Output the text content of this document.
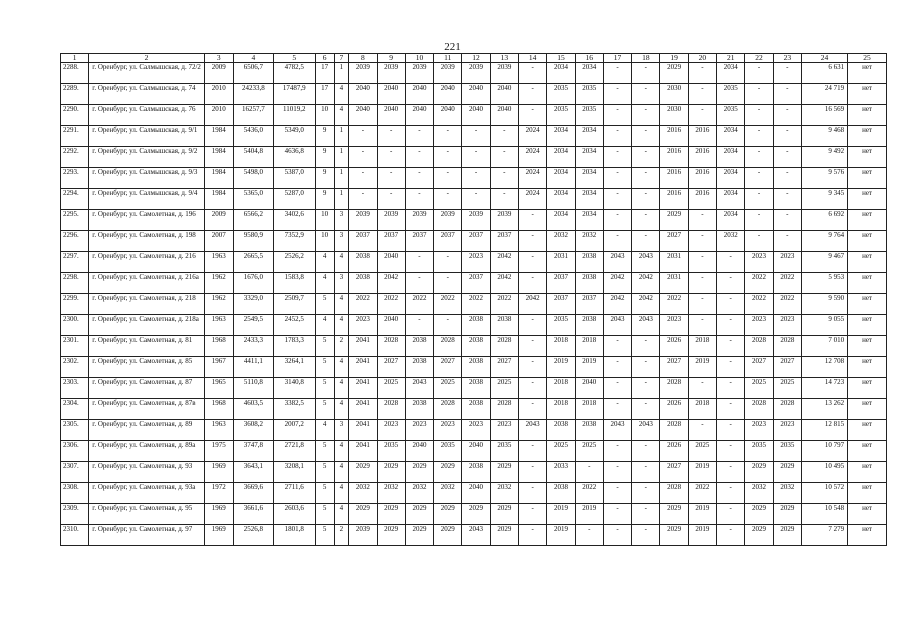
221
1	2	3	4	5	6	7	8	9	10	11	12	13	14	15	16	17	18	19	20	21	22	23	24	25
2288.	г. Оренбург, ул. Салмышская, д. 72/2	2009	6506,7	4782,5	17	1	2039	2039	2039	2039	2039	2039	-	2034	2034	-	-	2029	-	2034	-	-	6 631	нет
2289.	г. Оренбург, ул. Салмышская, д. 74	2010	24233,8	17487,9	17	4	2040	2040	2040	2040	2040	2040	-	2035	2035	-	-	2030	-	2035	-	-	24 719	нет
2290.	г. Оренбург, ул. Салмышская, д. 76	2010	16257,7	11019,2	10	4	2040	2040	2040	2040	2040	2040	-	2035	2035	-	-	2030	-	2035	-	-	16 569	нет
2291.	г. Оренбург, ул. Салмышская, д. 9/1	1984	5436,0	5349,0	9	1	-	-	-	-	-	-	2024	2034	2034	-	-	2016	2016	2034	-	-	9 468	нет
2292.	г. Оренбург, ул. Салмышская, д. 9/2	1984	5404,8	4636,8	9	1	-	-	-	-	-	-	2024	2034	2034	-	-	2016	2016	2034	-	-	9 492	нет
2293.	г. Оренбург, ул. Салмышская, д. 9/3	1984	5498,0	5387,0	9	1	-	-	-	-	-	-	2024	2034	2034	-	-	2016	2016	2034	-	-	9 576	нет
2294.	г. Оренбург, ул. Салмышская, д. 9/4	1984	5365,0	5287,0	9	1	-	-	-	-	-	-	2024	2034	2034	-	-	2016	2016	2034	-	-	9 345	нет
2295.	г. Оренбург, ул. Самолетная, д. 196	2009	6566,2	3402,6	10	3	2039	2039	2039	2039	2039	2039	-	2034	2034	-	-	2029	-	2034	-	-	6 692	нет
2296.	г. Оренбург, ул. Самолетная, д. 198	2007	9580,9	7352,9	10	3	2037	2037	2037	2037	2037	2037	-	2032	2032	-	-	2027	-	2032	-	-	9 764	нет
2297.	г. Оренбург, ул. Самолетная, д. 216	1963	2665,5	2526,2	4	4	2038	2040	-	-	2023	2042	-	2031	2038	2043	2043	2031	-	-	2023	2023	9 467	нет
2298.	г. Оренбург, ул. Самолетная, д. 216а	1962	1676,0	1583,8	4	3	2038	2042	-	-	2037	2042	-	2037	2038	2042	2042	2031	-	-	2022	2022	5 953	нет
2299.	г. Оренбург, ул. Самолетная, д. 218	1962	3329,0	2509,7	5	4	2022	2022	2022	2022	2022	2022	2042	2037	2037	2042	2042	2022	-	-	2022	2022	9 590	нет
2300.	г. Оренбург, ул. Самолетная, д. 218а	1963	2549,5	2452,5	4	4	2023	2040	-	-	2038	2038	-	2035	2038	2043	2043	2023	-	-	2023	2023	9 055	нет
2301.	г. Оренбург, ул. Самолетная, д. 81	1968	2433,3	1783,3	5	2	2041	2028	2038	2028	2038	2028	-	2018	2018	-	-	2026	2018	-	2028	2028	7 010	нет
2302.	г. Оренбург, ул. Самолетная, д. 85	1967	4411,1	3264,1	5	4	2041	2027	2038	2027	2038	2027	-	2019	2019	-	-	2027	2019	-	2027	2027	12 708	нет
2303.	г. Оренбург, ул. Самолетная, д. 87	1965	5110,8	3140,8	5	4	2041	2025	2043	2025	2038	2025	-	2018	2040	-	-	2028	-	-	2025	2025	14 723	нет
2304.	г. Оренбург, ул. Самолетная, д. 87в	1968	4603,5	3382,5	5	4	2041	2028	2038	2028	2038	2028	-	2018	2018	-	-	2026	2018	-	2028	2028	13 262	нет
2305.	г. Оренбург, ул. Самолетная, д. 89	1963	3608,2	2007,2	4	3	2041	2023	2023	2023	2023	2023	2043	2038	2038	2043	2043	2028	-	-	2023	2023	12 815	нет
2306.	г. Оренбург, ул. Самолетная, д. 89а	1975	3747,8	2721,8	5	4	2041	2035	2040	2035	2040	2035	-	2025	2025	-	-	2026	2025	-	2035	2035	10 797	нет
2307.	г. Оренбург, ул. Самолетная, д. 93	1969	3643,1	3208,1	5	4	2029	2029	2029	2029	2038	2029	-	2033	-	-	-	2027	2019	-	2029	2029	10 495	нет
2308.	г. Оренбург, ул. Самолетная, д. 93а	1972	3669,6	2711,6	5	4	2032	2032	2032	2032	2040	2032	-	2038	2022	-	-	2028	2022	-	2032	2032	10 572	нет
2309.	г. Оренбург, ул. Самолетная, д. 95	1969	3661,6	2603,6	5	4	2029	2029	2029	2029	2029	2029	-	2019	2019	-	-	2029	2019	-	2029	2029	10 548	нет
2310.	г. Оренбург, ул. Самолетная, д. 97	1969	2526,8	1801,8	5	2	2039	2029	2029	2029	2043	2029	-	2019	-	-	-	2029	2019	-	2029	2029	7 279	нет
